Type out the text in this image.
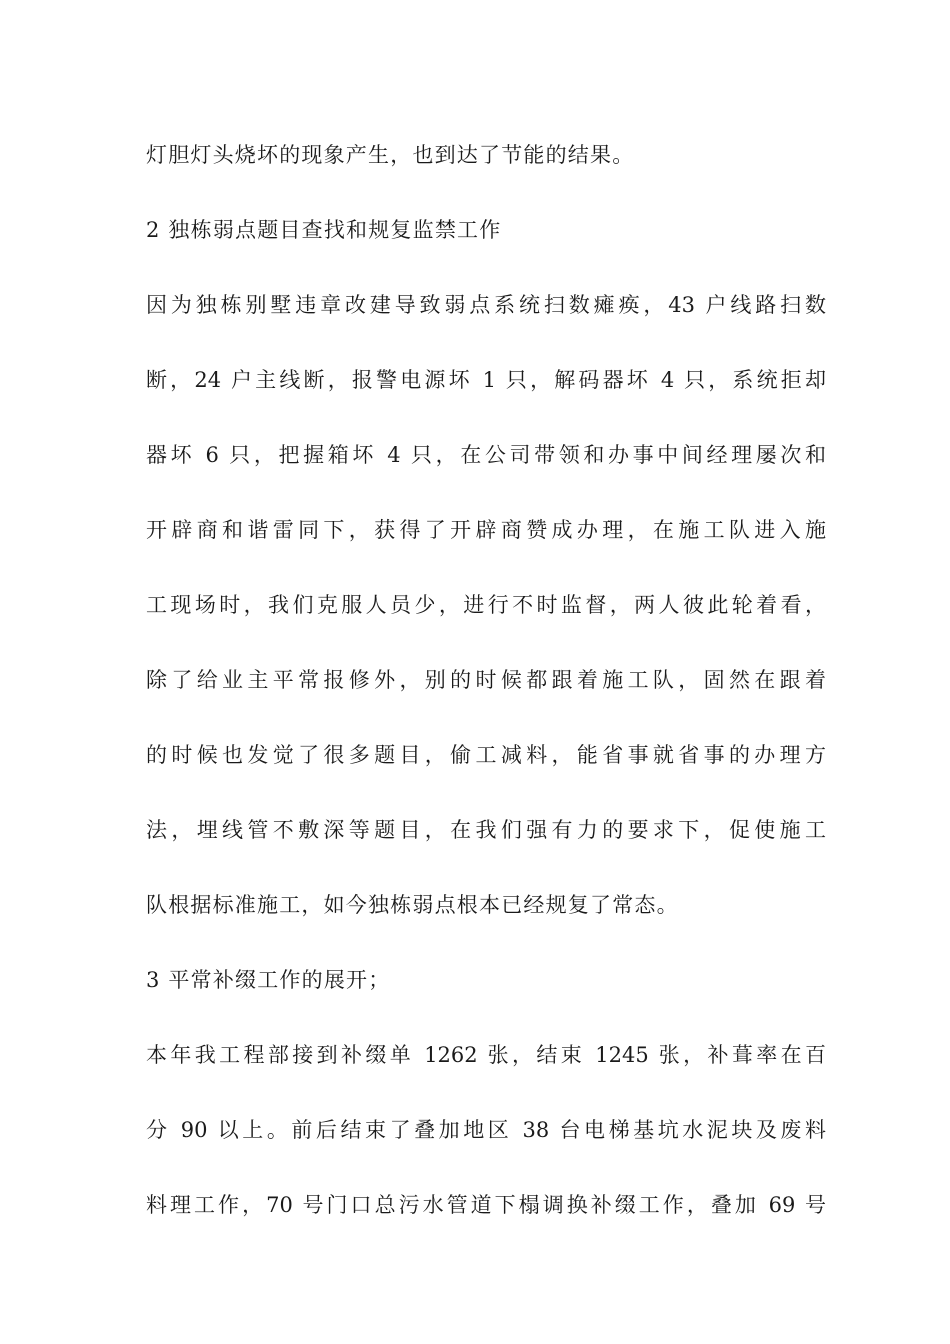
灯胆灯头烧坏的现象产生，也到达了节能的结果。
2 独栋弱点题目查找和规复监禁工作
因为独栋别墅违章改建导致弱点系统扫数瘫痪，43 户线路扫数
断，24 户主线断，报警电源坏 1 只，解码器坏 4 只，系统拒却
器坏 6 只，把握箱坏 4 只，在公司带领和办事中间经理屡次和
开辟商和谐雷同下，获得了开辟商赞成办理，在施工队进入施
工现场时，我们克服人员少，进行不时监督，两人彼此轮着看，
除了给业主平常报修外，别的时候都跟着施工队，固然在跟着
的时候也发觉了很多题目，偷工减料，能省事就省事的办理方
法，埋线管不敷深等题目，在我们强有力的要求下，促使施工
队根据标准施工，如今独栋弱点根本已经规复了常态。
3 平常补缀工作的展开；
本年我工程部接到补缀单 1262 张，结束 1245 张，补葺率在百
分 90 以上。前后结束了叠加地区 38 台电梯基坑水泥块及废料
料理工作，70 号门口总污水管道下榻调换补缀工作，叠加 69 号
